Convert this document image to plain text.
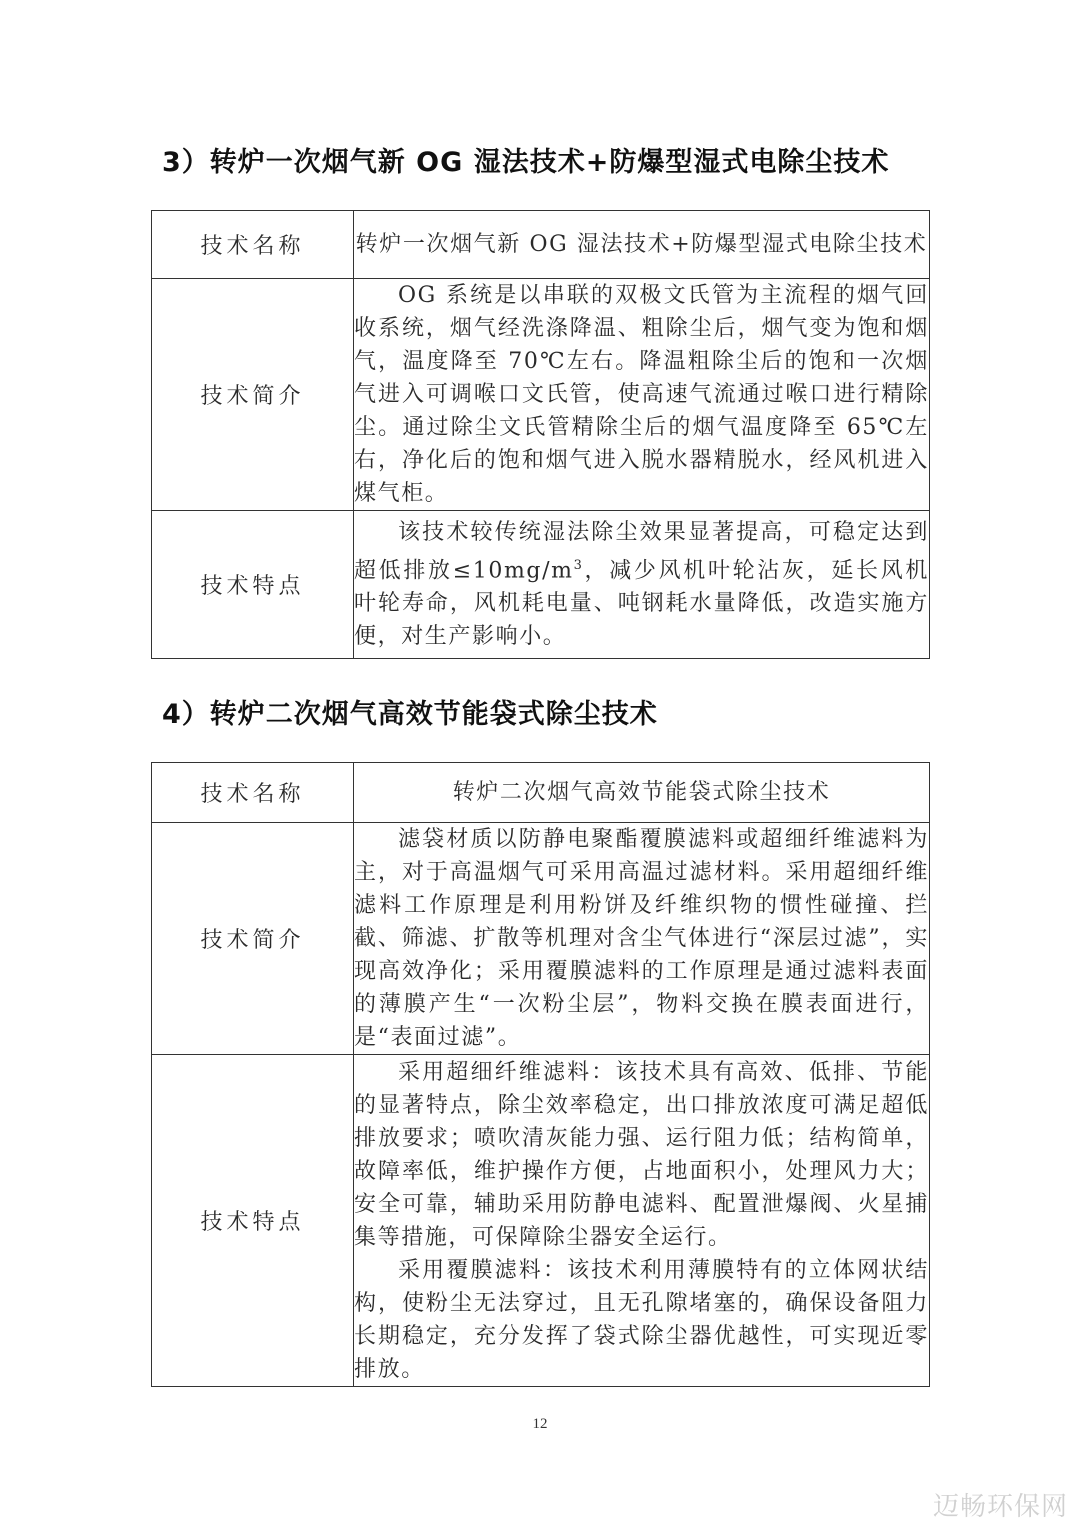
3）转炉一次烟气新 OG 湿法技术+防爆型湿式电除尘技术
技术名称	转炉一次烟气新 OG 湿法技术+防爆型湿式电除尘技术
技术简介	OG 系统是以串联的双极文氏管为主流程的烟气回收系统，烟气经洗涤降温、粗除尘后，烟气变为饱和烟气，温度降至 70℃左右。降温粗除尘后的饱和一次烟气进入可调喉口文氏管，使高速气流通过喉口进行精除尘。通过除尘文氏管精除尘后的烟气温度降至 65℃左右，净化后的饱和烟气进入脱水器精脱水，经风机进入煤气柜。

技术特点	该技术较传统湿法除尘效果显著提高，可稳定达到超低排放$\le 10mg/m^3$，减少风机叶轮沾灰，延长风机叶轮寿命，风机耗电量、吨钢耗水量降低，改造实施方便，对生产影响小。
4）转炉二次烟气高效节能袋式除尘技术
技术名称	转炉二次烟气高效节能袋式除尘技术
技术简介	滤袋材质以防静电聚酯覆膜滤料或超细纤维滤料为主，对于高温烟气可采用高温过滤材料。采用超细纤维滤料工作原理是利用粉饼及纤维织物的惯性碰撞、拦截、筛滤、扩散等机理对含尘气体进行“深层过滤”，实现高效净化；采用覆膜滤料的工作原理是通过滤料表面的薄膜产生“一次粉尘层”，物料交换在膜表面进行，是“表面过滤”。

技术特点	采用超细纤维滤料：该技术具有高效、低排、节能的显著特点，除尘效率稳定，出口排放浓度可满足超低排放要求；喷吹清灰能力强、运行阻力低；结构简单，故障率低，维护操作方便，占地面积小，处理风力大；安全可靠，辅助采用防静电滤料、配置泄爆阀、火星捕集等措施，可保障除尘器安全运行。
采用覆膜滤料：该技术利用薄膜特有的立体网状结构，使粉尘无法穿过，且无孔隙堵塞的，确保设备阻力长期稳定，充分发挥了袋式除尘器优越性，可实现近零排放。
12
迈畅环保网
